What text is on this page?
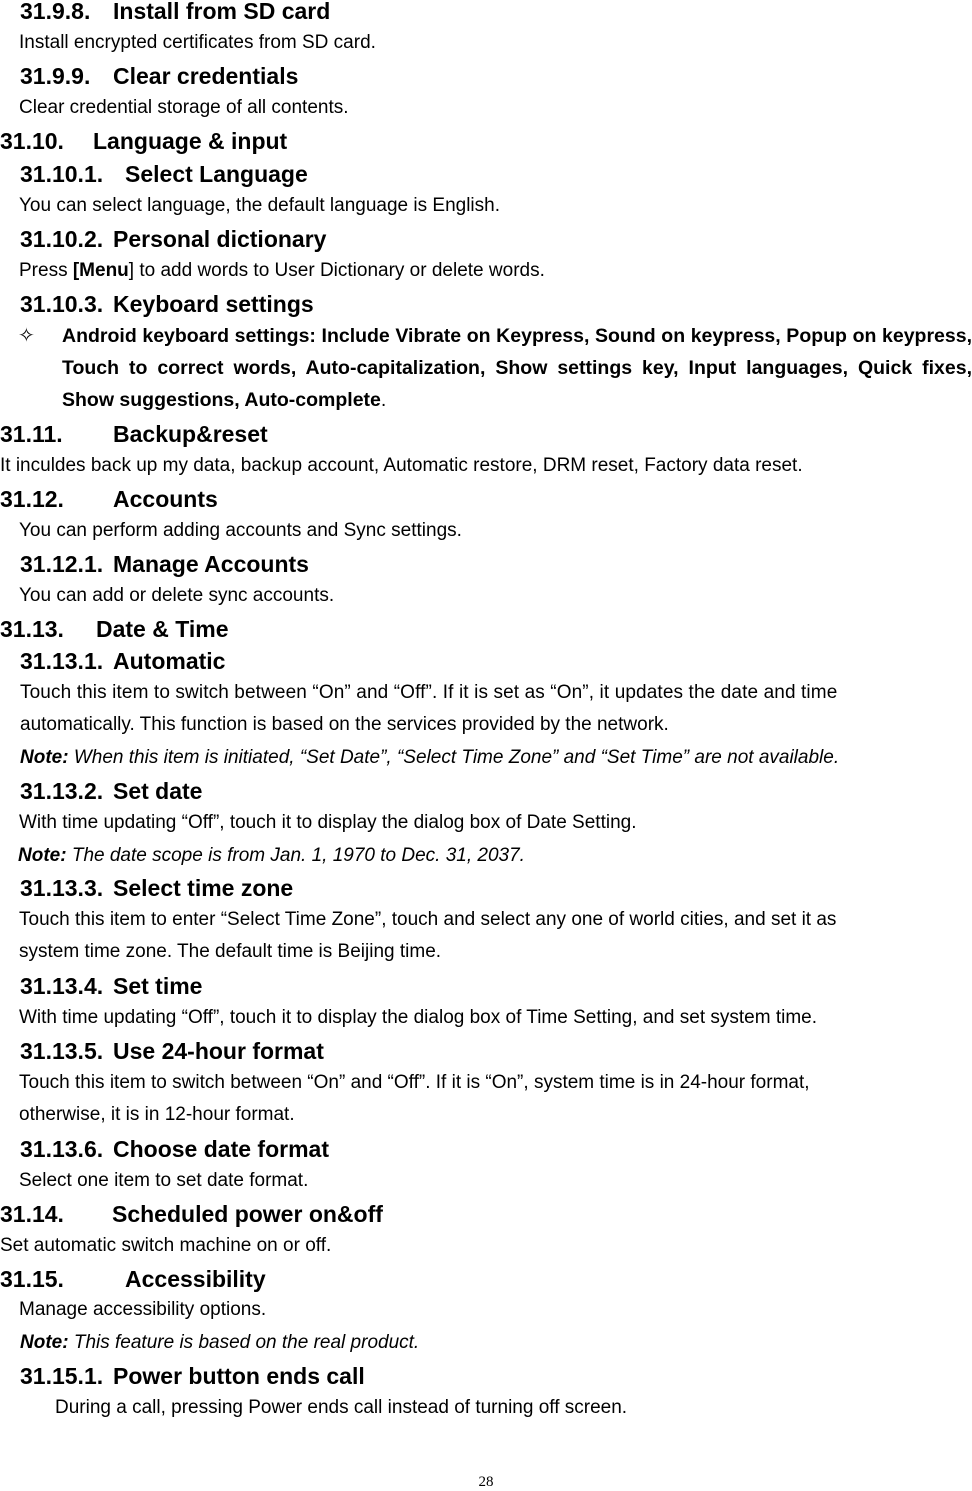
31.9.8. Install from SD card
Install encrypted certificates from SD card.
31.9.9. Clear credentials
Clear credential storage of all contents.
31.10. Language & input
31.10.1. Select Language
You can select language, the default language is English.
31.10.2. Personal dictionary
Press [Menu] to add words to User Dictionary or delete words.
31.10.3. Keyboard settings
✧ Android keyboard settings: Include Vibrate on Keypress, Sound on keypress, Popup on keypress, Touch to correct words, Auto-capitalization, Show settings key, Input languages, Quick fixes, Show suggestions, Auto-complete.
31.11. Backup&reset
It inculdes back up my data, backup account, Automatic restore, DRM reset, Factory data reset.
31.12. Accounts
You can perform adding accounts and Sync settings.
31.12.1. Manage Accounts
You can add or delete sync accounts.
31.13. Date & Time
31.13.1. Automatic
Touch this item to switch between “On” and “Off”. If it is set as “On”, it updates the date and time
automatically. This function is based on the services provided by the network.
Note: When this item is initiated, “Set Date”, “Select Time Zone” and “Set Time” are not available.
31.13.2. Set date
With time updating “Off”, touch it to display the dialog box of Date Setting.
Note: The date scope is from Jan. 1, 1970 to Dec. 31, 2037.
31.13.3. Select time zone
Touch this item to enter “Select Time Zone”, touch and select any one of world cities, and set it as
system time zone. The default time is Beijing time.
31.13.4. Set time
With time updating “Off”, touch it to display the dialog box of Time Setting, and set system time.
31.13.5. Use 24-hour format
Touch this item to switch between “On” and “Off”. If it is “On”, system time is in 24-hour format,
otherwise, it is in 12-hour format.
31.13.6. Choose date format
Select one item to set date format.
31.14. Scheduled power on&off
Set automatic switch machine on or off.
31.15.	Accessibility
Manage accessibility options.
Note: This feature is based on the real product.
31.15.1. Power button ends call
During a call, pressing Power ends call instead of turning off screen.
28
